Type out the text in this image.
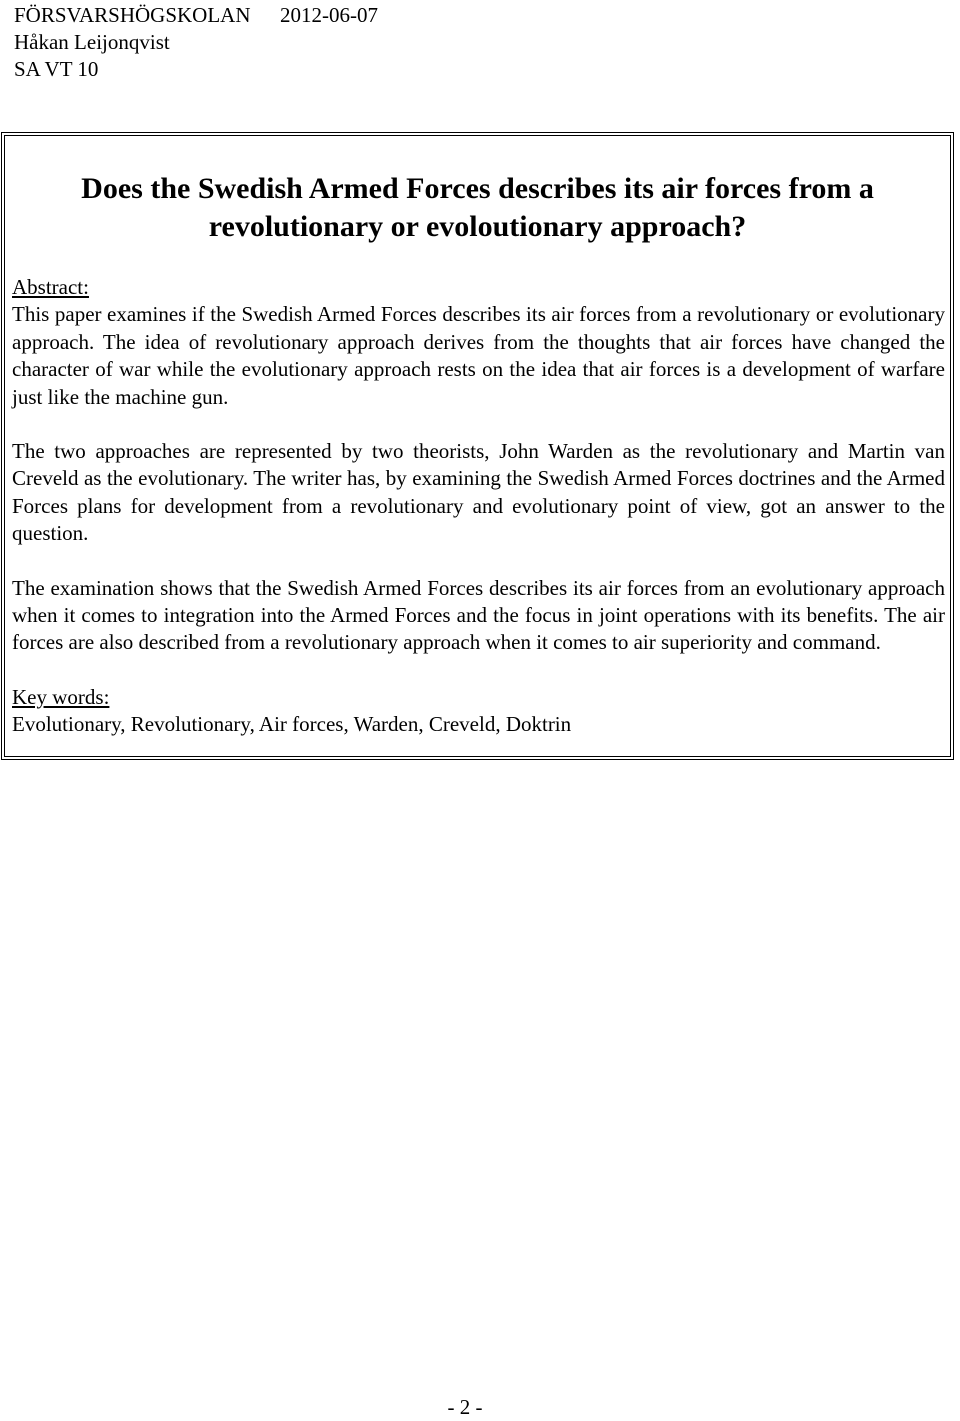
FÖRSVARSHÖGSKOLAN	2012-06-07
Håkan Leijonqvist
SA VT 10
Does the Swedish Armed Forces describes its air forces from a
revolutionary or evoloutionary approach?
Abstract:

This paper examines if the Swedish Armed Forces describes its air forces from a revolutionary or evolutionary approach. The idea of revolutionary approach derives from the thoughts that air forces have changed the character of war while the evolutionary approach rests on the idea that air forces is a development of warfare just like the machine gun.

The two approaches are represented by two theorists, John Warden as the revolutionary and Martin van Creveld as the evolutionary. The writer has, by examining the Swedish Armed Forces doctrines and the Armed Forces plans for development from a revolutionary and evolutionary point of view, got an answer to the question.

The examination shows that the Swedish Armed Forces describes its air forces from an evolutionary approach when it comes to integration into the Armed Forces and the focus in joint operations with its benefits. The air forces are also described from a revolutionary approach when it comes to air superiority and command.

Key words:
Evolutionary, Revolutionary, Air forces, Warden, Creveld, Doktrin
- 2 -
